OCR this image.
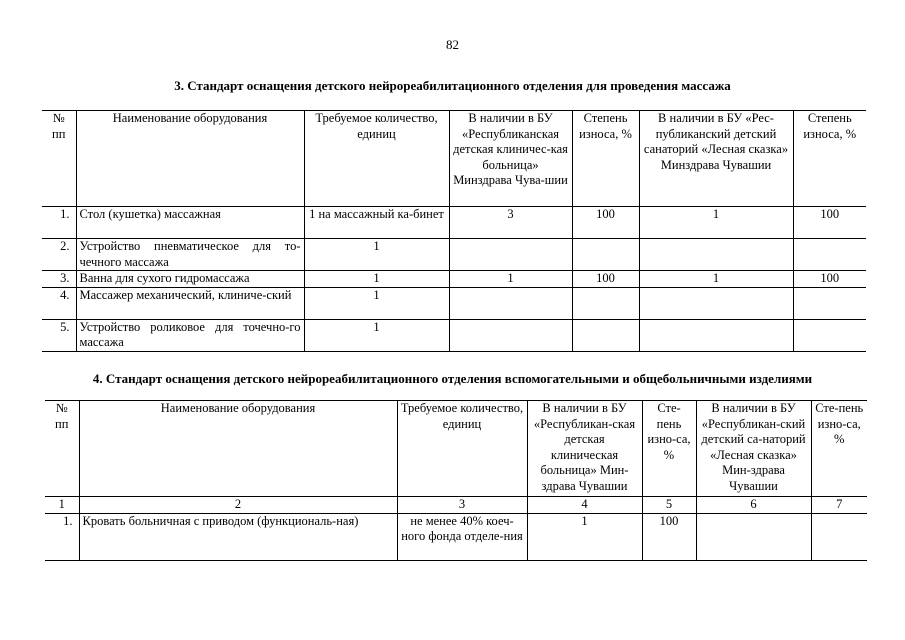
82
3. Стандарт оснащения детского нейрореабилитационного отделения для проведения массажа
№ пп	Наименование оборудования	Требуемое количество, единиц	В наличии в БУ «Республиканская детская клиничес-кая больница» Минздрава Чува-шии	Степень износа, %	В наличии в БУ «Рес-публиканский детский санаторий «Лесная сказка» Минздрава Чувашии	Степень износа, %
1.	Стол (кушетка) массажная	1 на массажный ка-бинет	3	100	1	100
2.	Устройство пневматическое для то-чечного массажа	1				
3.	Ванна для сухого гидромассажа	1	1	100	1	100
4.	Массажер механический, клиниче-ский	1				
5.	Устройство роликовое для точечно-го массажа	1				
4. Стандарт оснащения детского нейрореабилитационного отделения вспомогательными и общебольничными изделиями
№ пп	Наименование оборудования	Требуемое количество, единиц	В наличии в БУ «Республикан-ская детская клиническая больница» Мин-здрава Чувашии	Сте-пень изно-са, %	В наличии в БУ «Республикан-ский детский са-наторий «Лесная сказка» Мин-здрава Чувашии	Сте-пень изно-са, %
1	2	3	4	5	6	7
1.	Кровать больничная с приводом (функциональ-ная)	не менее 40% коеч-ного фонда отделе-ния	1	100		
